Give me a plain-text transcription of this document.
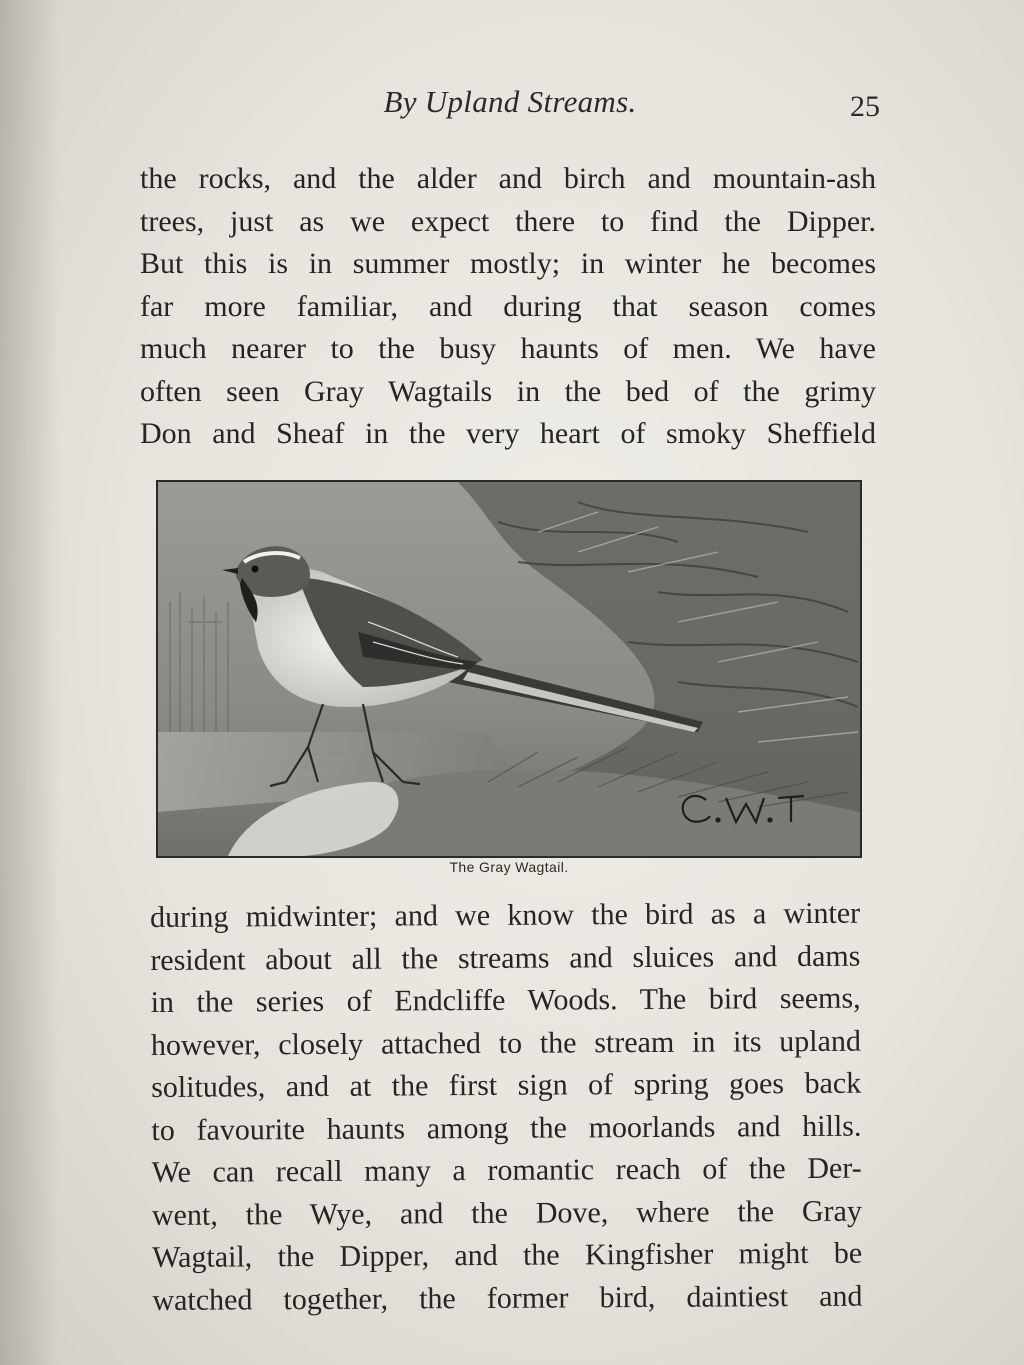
By Upland Streams.	25
the rocks, and the alder and birch and mountain-ash
trees, just as we expect there to find the Dipper.
But this is in summer mostly; in winter he becomes
far more familiar, and during that season comes
much nearer to the busy haunts of men. We have
often seen Gray Wagtails in the bed of the grimy
Don and Sheaf in the very heart of smoky Sheffield
The Gray Wagtail.
during midwinter; and we know the bird as a winter
resident about all the streams and sluices and dams
in the series of Endcliffe Woods. The bird seems,
however, closely attached to the stream in its upland
solitudes, and at the first sign of spring goes back
to favourite haunts among the moorlands and hills.
We can recall many a romantic reach of the Der-
went, the Wye, and the Dove, where the Gray
Wagtail, the Dipper, and the Kingfisher might be
watched together, the former bird, daintiest and
